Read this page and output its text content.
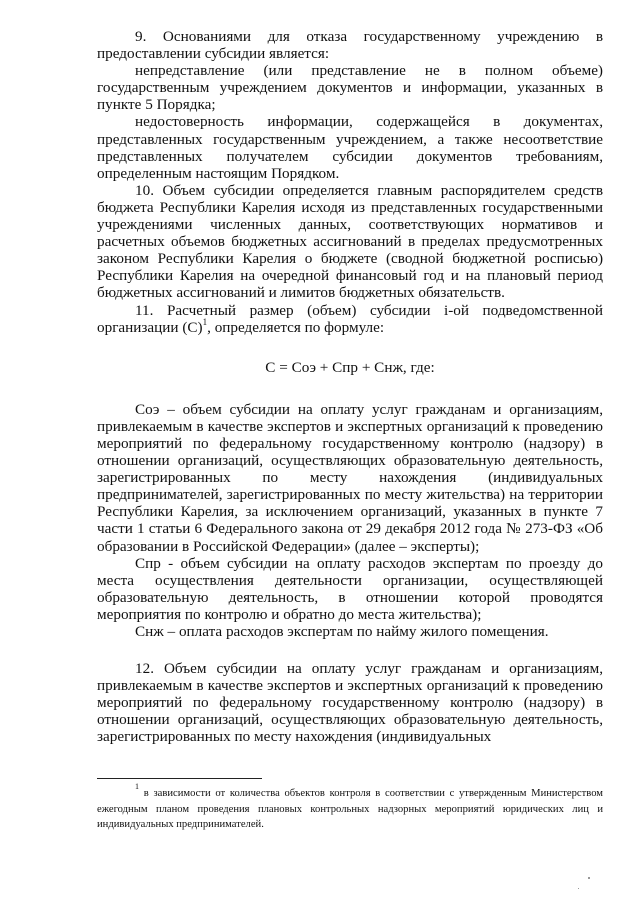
9. Основаниями для отказа государственному учреждению в предоставлении субсидии является:

непредставление (или представление не в полном объеме) государственным учреждением документов и информации, указанных в пункте 5 Порядка;

недостоверность информации, содержащейся в документах, представленных государственным учреждением, а также несоответствие представленных получателем субсидии документов требованиям, определенным настоящим Порядком.

10. Объем субсидии определяется главным распорядителем средств бюджета Республики Карелия исходя из представленных государственными учреждениями численных данных, соответствующих нормативов и расчетных объемов бюджетных ассигнований в пределах предусмотренных законом Республики Карелия о бюджете (сводной бюджетной росписью) Республики Карелия на очередной финансовый год и на плановый период бюджетных ассигнований и лимитов бюджетных обязательств.

11. Расчетный размер (объем) субсидии i-ой подведомственной организации $(С)^1$, определяется по формуле:

С = Соэ + Спр + Снж, где:

Соэ – объем субсидии на оплату услуг гражданам и организациям, привлекаемым в качестве экспертов и экспертных организаций к проведению мероприятий по федеральному государственному контролю (надзору) в отношении организаций, осуществляющих образовательную деятельность, зарегистрированных по месту нахождения (индивидуальных предпринимателей, зарегистрированных по месту жительства) на территории Республики Карелия, за исключением организаций, указанных в пункте 7 части 1 статьи 6 Федерального закона от 29 декабря 2012 года № 273-ФЗ «Об образовании в Российской Федерации» (далее – эксперты);

Спр - объем субсидии на оплату расходов экспертам по проезду до места осуществления деятельности организации, осуществляющей образовательную деятельность, в отношении которой проводятся мероприятия по контролю и обратно до места жительства);

Снж – оплата расходов экспертам по найму жилого помещения.

12. Объем субсидии на оплату услуг гражданам и организациям, привлекаемым в качестве экспертов и экспертных организаций к проведению мероприятий по федеральному государственному контролю (надзору) в отношении организаций, осуществляющих образовательную деятельность, зарегистрированных по месту нахождения (индивидуальных

$^1$ в зависимости от количества объектов контроля в соответствии с утвержденным Министерством ежегодным планом проведения плановых контрольных надзорных мероприятий юридических лиц и индивидуальных предпринимателей.
